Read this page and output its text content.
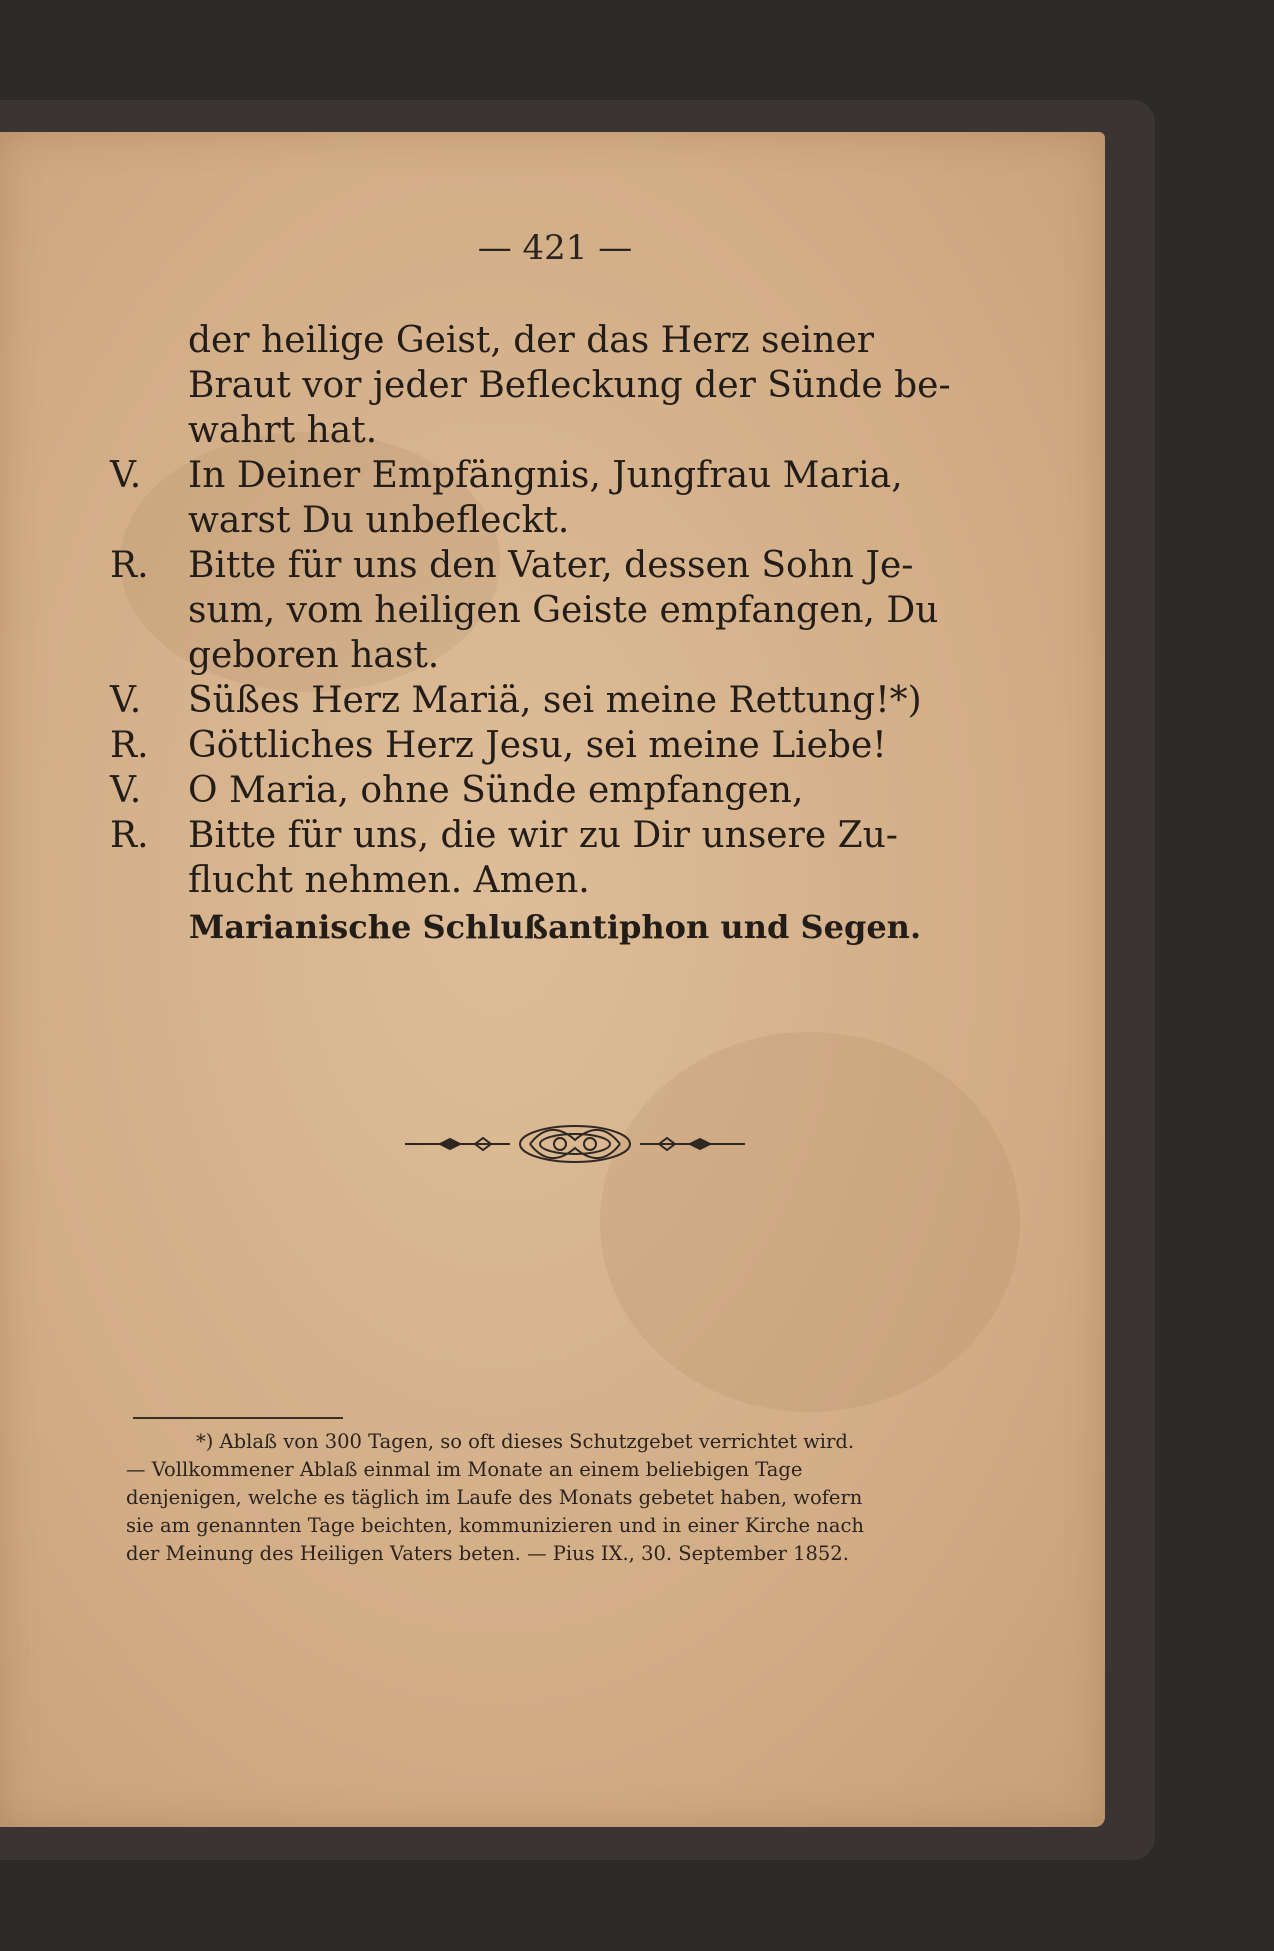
— 421 —
der heilige Geist, der das Herz seiner
Braut vor jeder Befleckung der Sünde be-
wahrt hat.
V.	In Deiner Empfängnis, Jungfrau Maria,
warst Du unbefleckt.
R.	Bitte für uns den Vater, dessen Sohn Je-
sum, vom heiligen Geiste empfangen, Du
geboren hast.
V.	Süßes Herz Mariä, sei meine Rettung!*)
R.	Göttliches Herz Jesu, sei meine Liebe!
V.	O Maria, ohne Sünde empfangen,
R.	Bitte für uns, die wir zu Dir unsere Zu-
flucht nehmen. Amen.
Marianische Schlußantiphon und Segen.
*) Ablaß von 300 Tagen, so oft dieses Schutzgebet verrichtet wird.
— Vollkommener Ablaß einmal im Monate an einem beliebigen Tage
denjenigen, welche es täglich im Laufe des Monats gebetet haben, wofern
sie am genannten Tage beichten, kommunizieren und in einer Kirche nach
der Meinung des Heiligen Vaters beten. — Pius IX., 30. September 1852.
